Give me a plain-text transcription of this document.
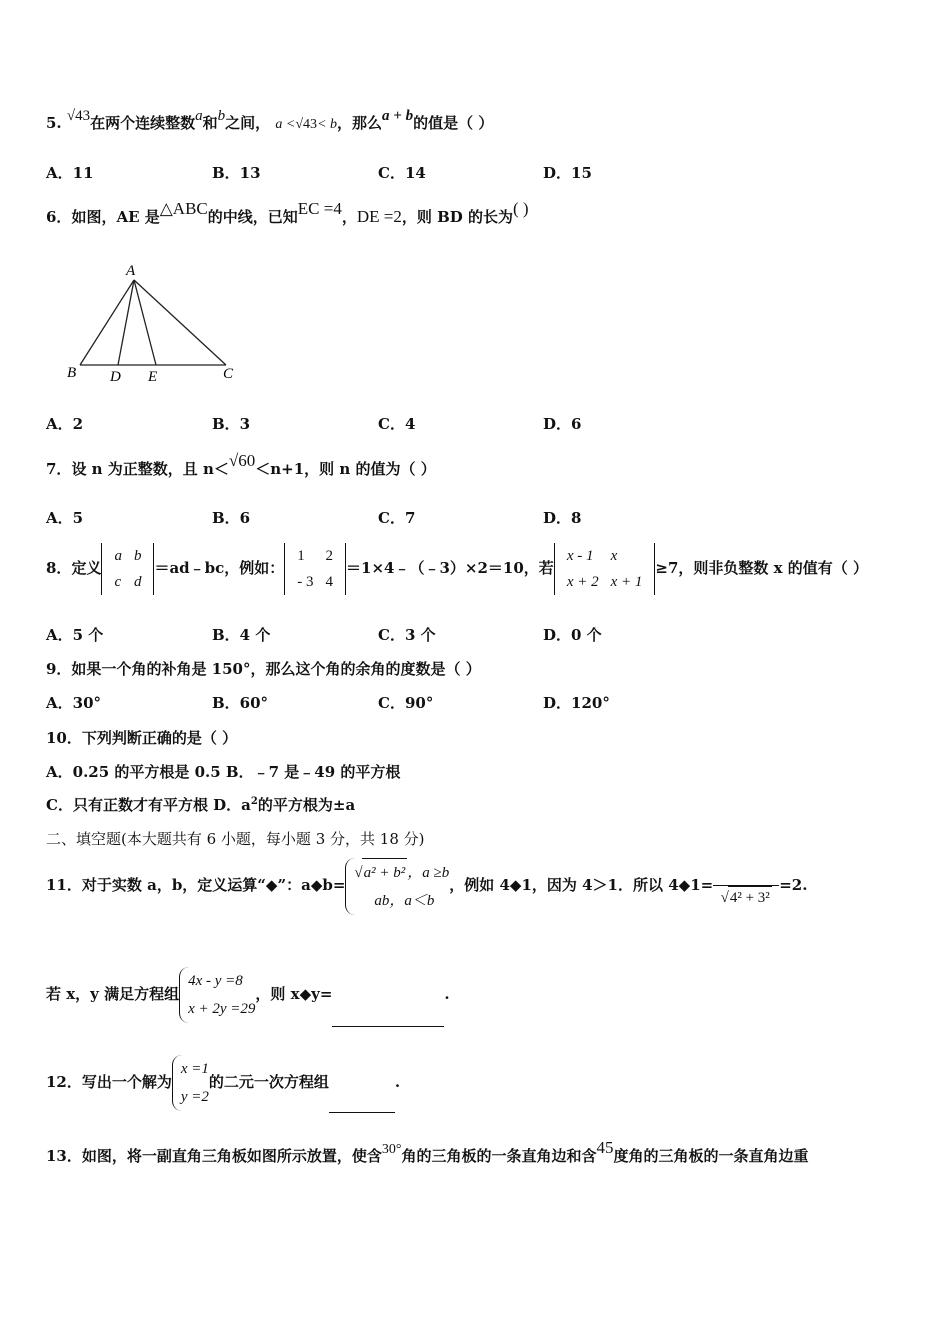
5. √43在两个连续整数a和b之间， a <√43< b，那么a + b的值是（ ）
A．11	B．13	C．14	D．15
6．如图，AE 是△ABC的中线，已知EC =4，DE =2，则 BD 的长为( )
A
B D E	C
A．2	B．3	C．4	D．6
7．设 n 为正整数，且 n＜√60＜n+1，则 n 的值为（ ）
A．5	B．6	C．7	D．8
8．定义a	b
c	d＝ad﹣bc，例如：1	2
- 3	4＝1×4﹣（﹣3）×2＝10，若x - 1	x
x + 2	x + 1≥7，则非负整数 x 的值有（ ）
A．5 个	B．4 个	C．3 个	D．0 个
9．如果一个角的补角是 150°，那么这个角的余角的度数是（ ）
A．30°	B．60°	C．90°	D．120°
10．下列判断正确的是（ ）
A．0.25 的平方根是 0.5 B．﹣7 是﹣49 的平方根
C．只有正数才有平方根 D．$a^2$的平方根为±a
二、填空题(本大题共有 6 小题，每小题 3 分，共 18 分)
11．对于实数 a，b，定义运算“◆”：a◆b=√a² + b² ，a ≥b
ab，a＜b，例如 4◆1，因为 4＞1．所以 4◆1=
√4² + 3²
=2.
若 x，y 满足方程组4x - y =8
x + 2y =29，则 x◆y=	.
12．写出一个解为x =1
y =2的二元一次方程组	.
13．如图，将一副直角三角板如图所示放置，使含30°角的三角板的一条直角边和含45度角的三角板的一条直角边重
